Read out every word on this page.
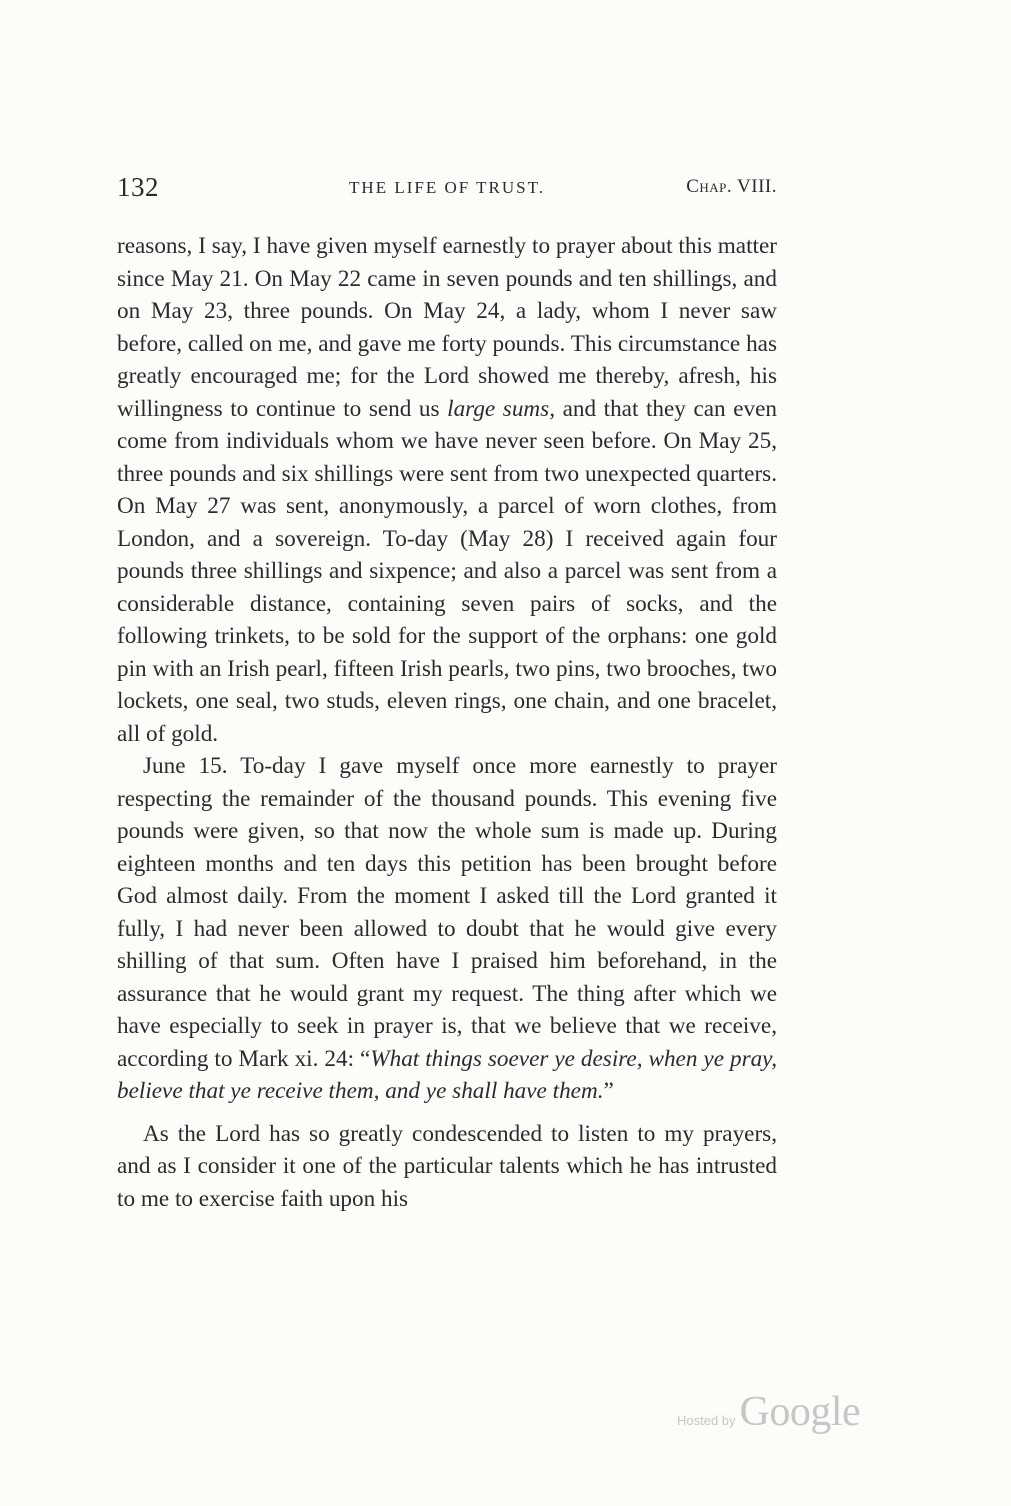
132	THE LIFE OF TRUST.	Chap. VIII.

reasons, I say, I have given myself earnestly to prayer about this matter since May 21. On May 22 came in seven pounds and ten shillings, and on May 23, three pounds. On May 24, a lady, whom I never saw before, called on me, and gave me forty pounds. This circumstance has greatly encouraged me; for the Lord showed me thereby, afresh, his willingness to continue to send us large sums, and that they can even come from individuals whom we have never seen before. On May 25, three pounds and six shillings were sent from two unexpected quarters. On May 27 was sent, anonymously, a parcel of worn clothes, from London, and a sovereign. To-day (May 28) I received again four pounds three shillings and sixpence; and also a parcel was sent from a considerable distance, containing seven pairs of socks, and the following trinkets, to be sold for the support of the orphans: one gold pin with an Irish pearl, fifteen Irish pearls, two pins, two brooches, two lockets, one seal, two studs, eleven rings, one chain, and one bracelet, all of gold.

June 15. To-day I gave myself once more earnestly to prayer respecting the remainder of the thousand pounds. This evening five pounds were given, so that now the whole sum is made up. During eighteen months and ten days this petition has been brought before God almost daily. From the moment I asked till the Lord granted it fully, I had never been allowed to doubt that he would give every shilling of that sum. Often have I praised him beforehand, in the assurance that he would grant my request. The thing after which we have especially to seek in prayer is, that we believe that we receive, according to Mark xi. 24: “What things soever ye desire, when ye pray, believe that ye receive them, and ye shall have them.”

As the Lord has so greatly condescended to listen to my prayers, and as I consider it one of the particular talents which he has intrusted to me to exercise faith upon his

Hosted by Google
